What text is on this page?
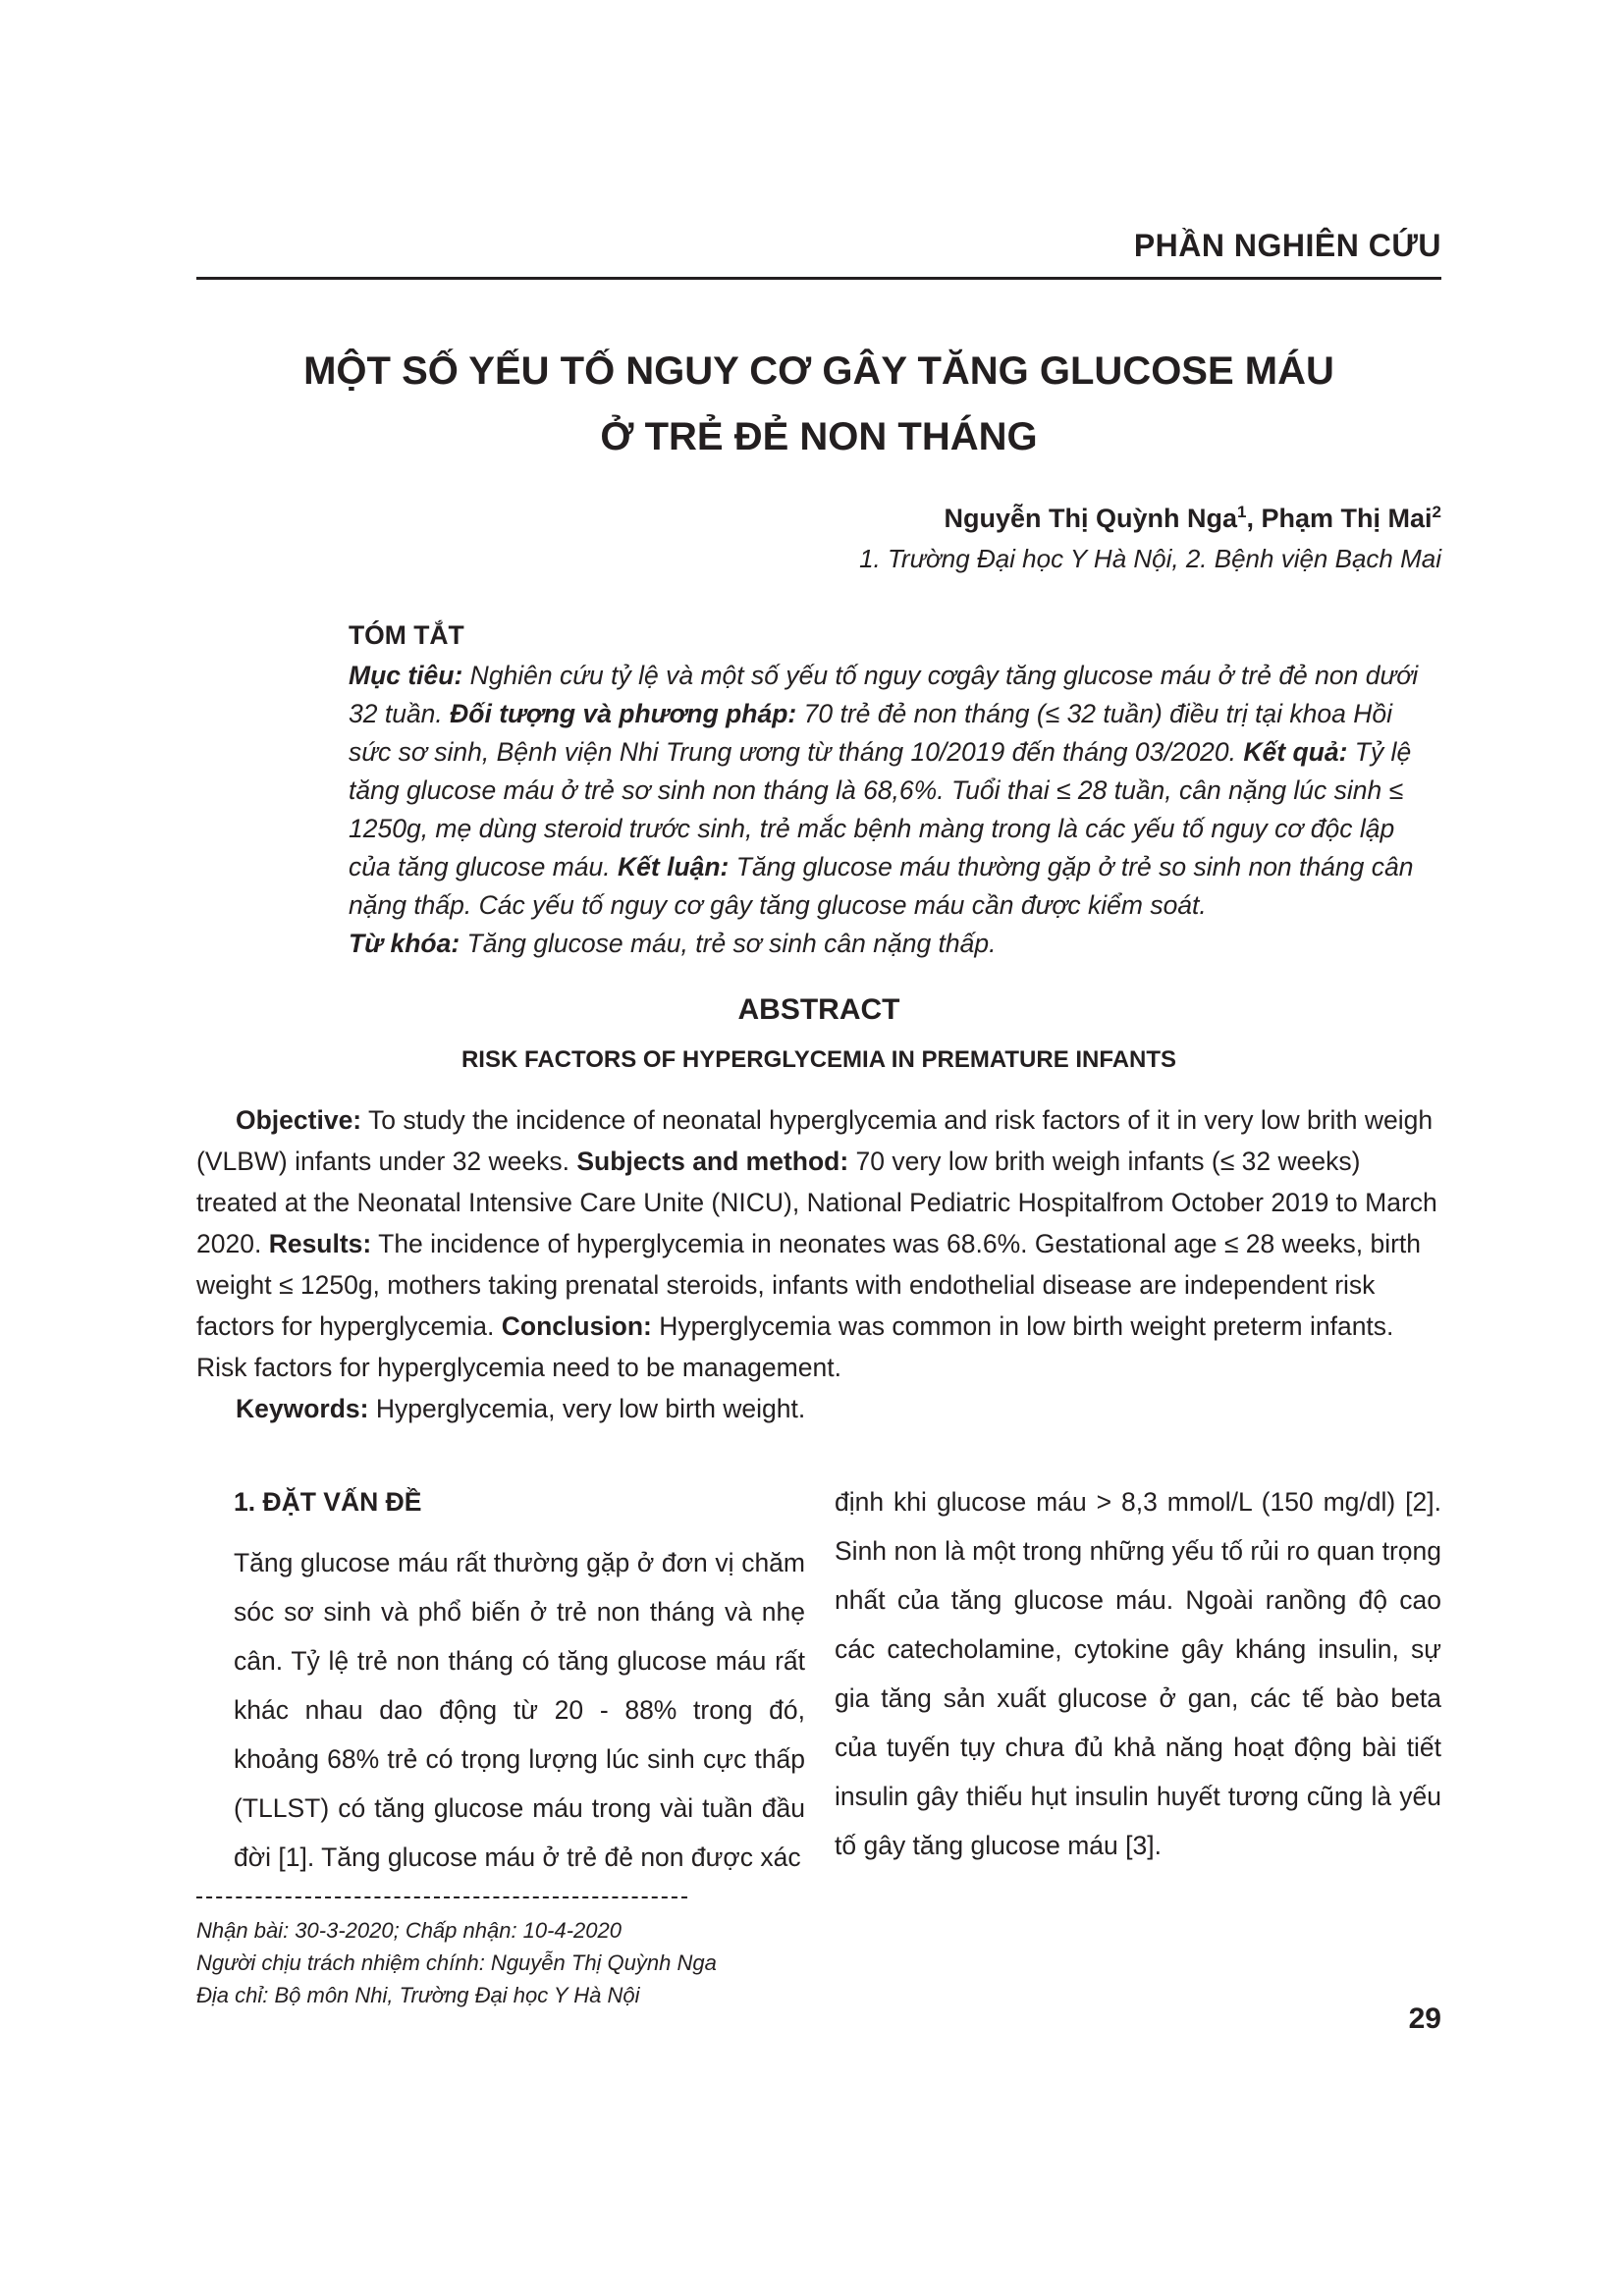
PHẦN NGHIÊN CỨU
MỘT SỐ YẾU TỐ NGUY CƠ GÂY TĂNG GLUCOSE MÁU
Ở TRẺ ĐẺ NON THÁNG
Nguyễn Thị Quỳnh Nga$^1$, Phạm Thị Mai$^2$
1. Trường Đại học Y Hà Nội, 2. Bệnh viện Bạch Mai
TÓM TẮT

Mục tiêu: Nghiên cứu tỷ lệ và một số yếu tố nguy cơgây tăng glucose máu ở trẻ đẻ non dưới 32 tuần. Đối tượng và phương pháp: 70 trẻ đẻ non tháng (≤ 32 tuần) điều trị tại khoa Hồi sức sơ sinh, Bệnh viện Nhi Trung ương từ tháng 10/2019 đến tháng 03/2020. Kết quả: Tỷ lệ tăng glucose máu ở trẻ sơ sinh non tháng là 68,6%. Tuổi thai ≤ 28 tuần, cân nặng lúc sinh ≤ 1250g, mẹ dùng steroid trước sinh, trẻ mắc bệnh màng trong là các yếu tố nguy cơ độc lập của tăng glucose máu. Kết luận: Tăng glucose máu thường gặp ở trẻ so sinh non tháng cân nặng thấp. Các yếu tố nguy cơ gây tăng glucose máu cần được kiểm soát.

Từ khóa: Tăng glucose máu, trẻ sơ sinh cân nặng thấp.

ABSTRACT
RISK FACTORS OF HYPERGLYCEMIA IN PREMATURE INFANTS

Objective: To study the incidence of neonatal hyperglycemia and risk factors of it in very low brith weigh (VLBW) infants under 32 weeks. Subjects and method: 70 very low brith weigh infants (≤ 32 weeks) treated at the Neonatal Intensive Care Unite (NICU), National Pediatric Hospitalfrom October 2019 to March 2020. Results: The incidence of hyperglycemia in neonates was 68.6%. Gestational age ≤ 28 weeks, birth weight ≤ 1250g, mothers taking prenatal steroids, infants with endothelial disease are independent risk factors for hyperglycemia. Conclusion: Hyperglycemia was common in low birth weight preterm infants. Risk factors for hyperglycemia need to be management.

Keywords: Hyperglycemia, very low birth weight.

1. ĐẶT VẤN ĐỀ

Tăng glucose máu rất thường gặp ở đơn vị chăm sóc sơ sinh và phổ biến ở trẻ non tháng và nhẹ cân. Tỷ lệ trẻ non tháng có tăng glucose máu rất khác nhau dao động từ 20 - 88% trong đó, khoảng 68% trẻ có trọng lượng lúc sinh cực thấp (TLLST) có tăng glucose máu trong vài tuần đầu đời [1]. Tăng glucose máu ở trẻ đẻ non được xác

định khi glucose máu > 8,3 mmol/L (150 mg/dl) [2]. Sinh non là một trong những yếu tố rủi ro quan trọng nhất của tăng glucose máu. Ngoài ranồng độ cao các catecholamine, cytokine gây kháng insulin, sự gia tăng sản xuất glucose ở gan, các tế bào beta của tuyến tụy chưa đủ khả năng hoạt động bài tiết insulin gây thiếu hụt insulin huyết tương cũng là yếu tố gây tăng glucose máu [3].

Nhận bài: 30-3-2020; Chấp nhận: 10-4-2020
Người chịu trách nhiệm chính: Nguyễn Thị Quỳnh Nga
Địa chỉ: Bộ môn Nhi, Trường Đại học Y Hà Nội
29
